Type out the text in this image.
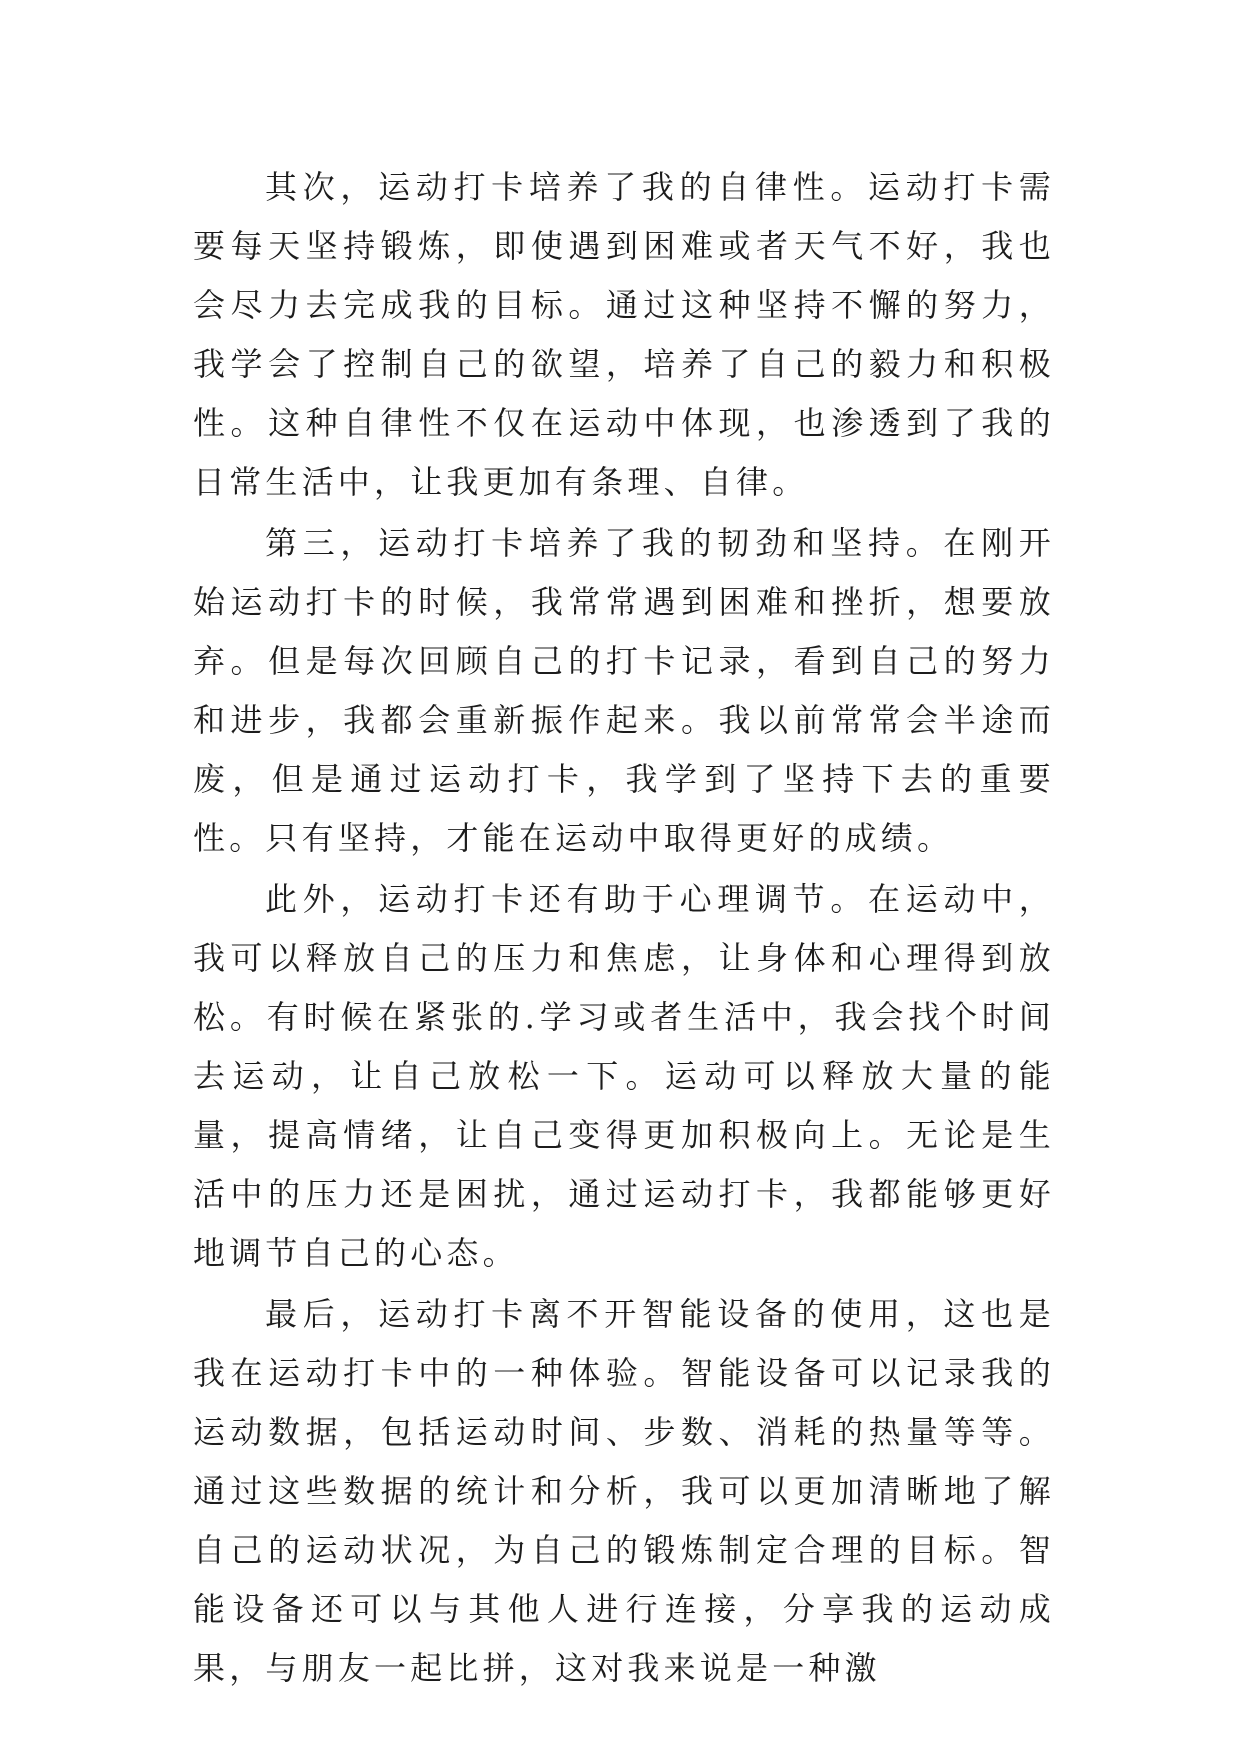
其次，运动打卡培养了我的自律性。运动打卡需要每天坚持锻炼，即使遇到困难或者天气不好，我也会尽力去完成我的目标。通过这种坚持不懈的努力，我学会了控制自己的欲望，培养了自己的毅力和积极性。这种自律性不仅在运动中体现，也渗透到了我的日常生活中，让我更加有条理、自律。

第三，运动打卡培养了我的韧劲和坚持。在刚开始运动打卡的时候，我常常遇到困难和挫折，想要放弃。但是每次回顾自己的打卡记录，看到自己的努力和进步，我都会重新振作起来。我以前常常会半途而废，但是通过运动打卡，我学到了坚持下去的重要性。只有坚持，才能在运动中取得更好的成绩。

此外，运动打卡还有助于心理调节。在运动中，我可以释放自己的压力和焦虑，让身体和心理得到放松。有时候在紧张的.学习或者生活中，我会找个时间去运动，让自己放松一下。运动可以释放大量的能量，提高情绪，让自己变得更加积极向上。无论是生活中的压力还是困扰，通过运动打卡，我都能够更好地调节自己的心态。

最后，运动打卡离不开智能设备的使用，这也是我在运动打卡中的一种体验。智能设备可以记录我的运动数据，包括运动时间、步数、消耗的热量等等。通过这些数据的统计和分析，我可以更加清晰地了解自己的运动状况，为自己的锻炼制定合理的目标。智能设备还可以与其他人进行连接，分享我的运动成果，与朋友一起比拼，这对我来说是一种激
